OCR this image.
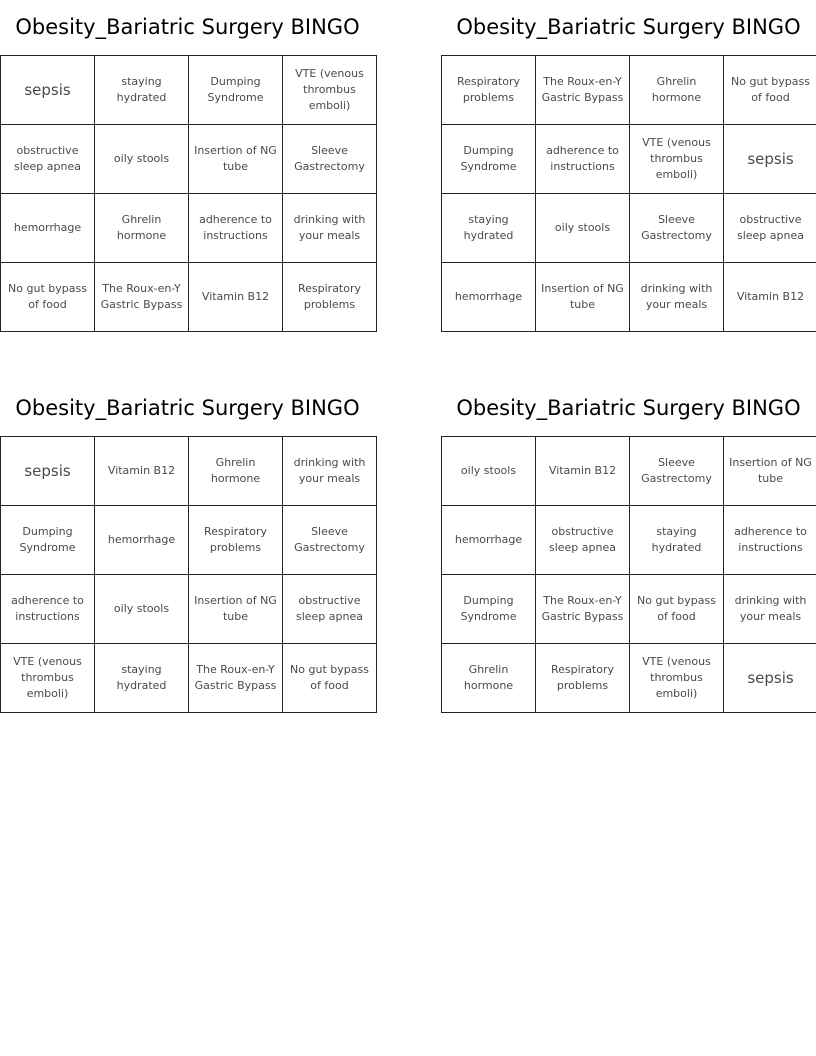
Obesity_Bariatric Surgery BINGO
sepsis	staying hydrated	Dumping Syndrome	VTE (venous thrombus emboli)

obstructive sleep apnea	oily stools	Insertion of NG tube	Sleeve Gastrectomy

hemorrhage	Ghrelin hormone	adherence to instructions	drinking with your meals

No gut bypass of food	The Roux-en-Y Gastric Bypass	Vitamin B12	Respiratory problems
Obesity_Bariatric Surgery BINGO
Respiratory problems	The Roux-en-Y Gastric Bypass	Ghrelin hormone	No gut bypass of food

Dumping Syndrome	adherence to instructions	VTE (venous thrombus emboli)	sepsis

staying hydrated	oily stools	Sleeve Gastrectomy	obstructive sleep apnea

hemorrhage	Insertion of NG tube	drinking with your meals	Vitamin B12
Obesity_Bariatric Surgery BINGO
sepsis	Vitamin B12	Ghrelin hormone	drinking with your meals

Dumping Syndrome	hemorrhage	Respiratory problems	Sleeve Gastrectomy

adherence to instructions	oily stools	Insertion of NG tube	obstructive sleep apnea

VTE (venous thrombus emboli)	staying hydrated	The Roux-en-Y Gastric Bypass	No gut bypass of food
Obesity_Bariatric Surgery BINGO
oily stools	Vitamin B12	Sleeve Gastrectomy	Insertion of NG tube

hemorrhage	obstructive sleep apnea	staying hydrated	adherence to instructions

Dumping Syndrome	The Roux-en-Y Gastric Bypass	No gut bypass of food	drinking with your meals

Ghrelin hormone	Respiratory problems	VTE (venous thrombus emboli)	sepsis
